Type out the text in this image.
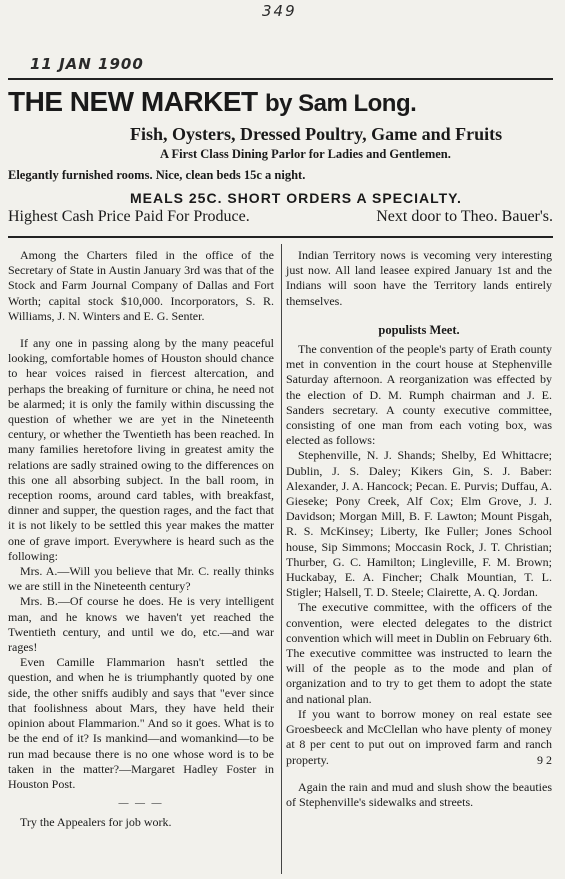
349
11 JAN 1900
THE NEW MARKET by Sam Long.
Fish, Oysters, Dressed Poultry, Game and Fruits
A First Class Dining Parlor for Ladies and Gentlemen.
Elegantly furnished rooms. Nice, clean beds 15c a night.
MEALS 25C. SHORT ORDERS A SPECIALTY.
Highest Cash Price Paid For Produce.	Next door to Theo. Bauer's.

Among the Charters filed in the office of the Secretary of State in Austin January 3rd was that of the Stock and Farm Journal Company of Dallas and Fort Worth; capital stock $10,000. Incorporators, S. R. Williams, J. N. Winters and E. G. Senter.

If any one in passing along by the many peaceful looking, comfortable homes of Houston should chance to hear voices raised in fiercest altercation, and perhaps the breaking of furniture or china, he need not be alarmed; it is only the family within discussing the question of whether we are yet in the Nineteenth century, or whether the Twentieth has been reached. In many families heretofore living in greatest amity the relations are sadly strained owing to the differences on this one all absorbing subject. In the ball room, in reception rooms, around card tables, with breakfast, dinner and supper, the question rages, and the fact that it is not likely to be settled this year makes the matter one of grave import. Everywhere is heard such as the following:

Mrs. A.—Will you believe that Mr. C. really thinks we are still in the Nineteenth century?

Mrs. B.—Of course he does. He is very intelligent man, and he knows we haven't yet reached the Twentieth century, and until we do, etc.—and war rages!

Even Camille Flammarion hasn't settled the question, and when he is triumphantly quoted by one side, the other sniffs audibly and says that "ever since that foolishness about Mars, they have held their opinion about Flammarion." And so it goes. What is to be the end of it? Is mankind—and womankind—to be run mad because there is no one whose word is to be taken in the matter?—Margaret Hadley Foster in Houston Post.

— — —

Try the Appealers for job work.

Indian Territory nows is vecoming very interesting just now. All land leasee expired January 1st and the Indians will soon have the Territory lands entirely themselves.

populists Meet.

The convention of the people's party of Erath county met in convention in the court house at Stephenville Saturday afternoon. A reorganization was effected by the election of D. M. Rumph chairman and J. E. Sanders secretary. A county executive committee, consisting of one man from each voting box, was elected as follows:

Stephenville, N. J. Shands; Shelby, Ed Whittacre; Dublin, J. S. Daley; Kikers Gin, S. J. Baber: Alexander, J. A. Hancock; Pecan. E. Purvis; Duffau, A. Gieseke; Pony Creek, Alf Cox; Elm Grove, J. J. Davidson; Morgan Mill, B. F. Lawton; Mount Pisgah, R. S. McKinsey; Liberty, Ike Fuller; Jones School house, Sip Simmons; Moccasin Rock, J. T. Christian; Thurber, G. C. Hamilton; Lingleville, F. M. Brown; Huckabay, E. A. Fincher; Chalk Mountian, T. L. Stigler; Halsell, T. D. Steele; Clairette, A. Q. Jordan.

The executive committee, with the officers of the convention, were elected delegates to the district convention which will meet in Dublin on February 6th. The executive committee was instructed to learn the will of the people as to the mode and plan of organization and to try to get them to adopt the state and national plan.

If you want to borrow money on real estate see Groesbeeck and McClellan who have plenty of money at 8 per cent to put out on improved farm and ranch property.	9 2

Again the rain and mud and slush show the beauties of Stephenville's sidewalks and streets.
